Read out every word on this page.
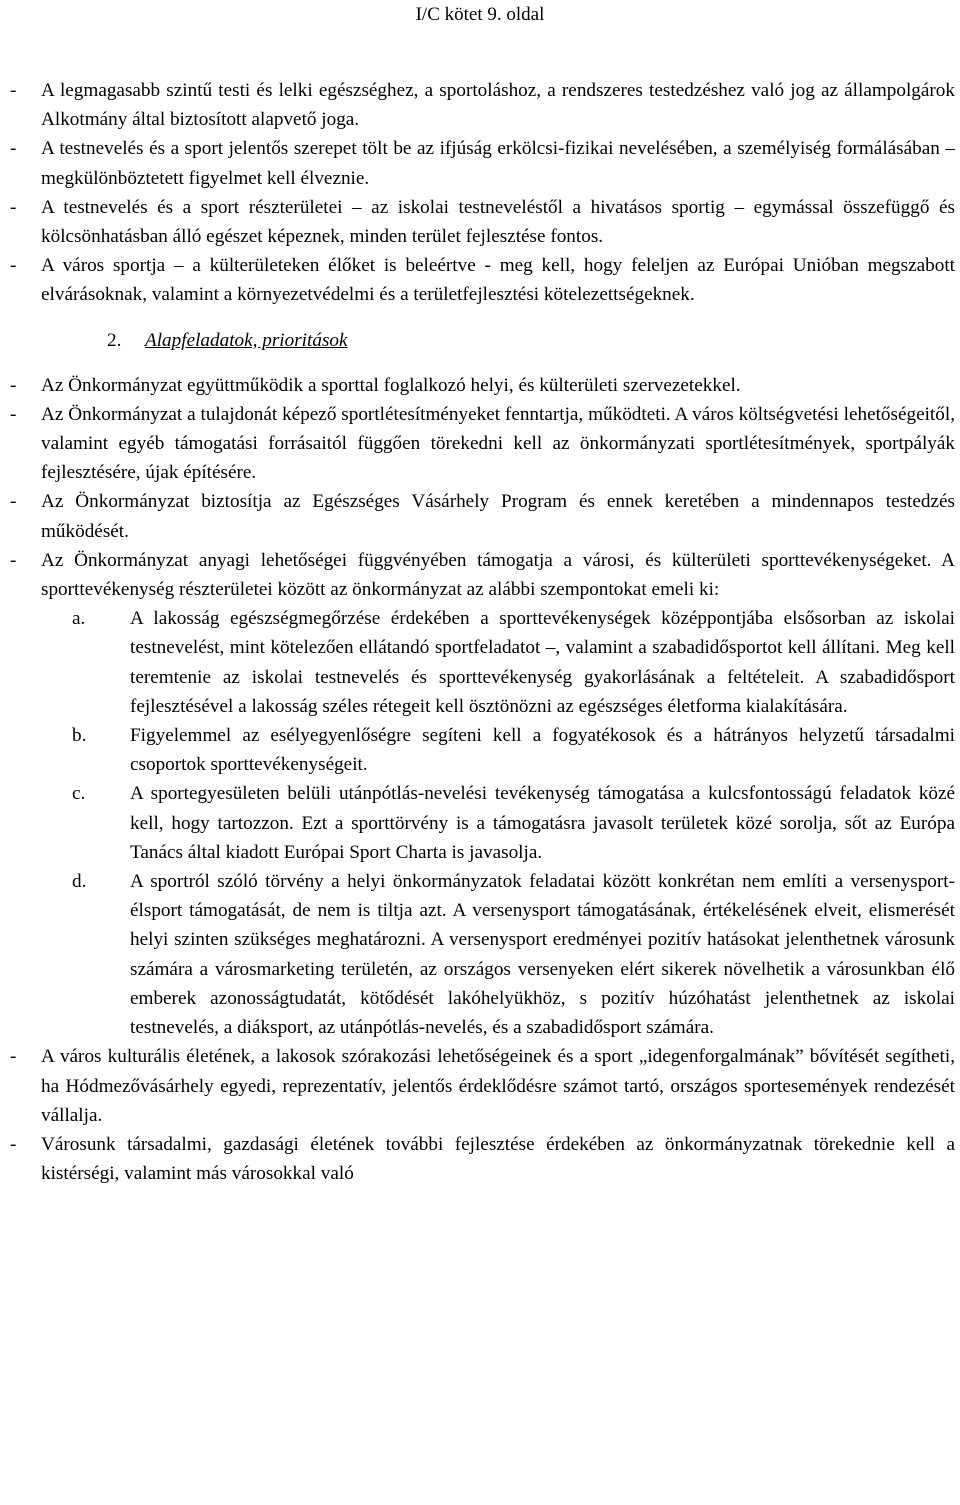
I/C kötet 9. oldal
- A legmagasabb szintű testi és lelki egészséghez, a sportoláshoz, a rendszeres testedzéshez való jog az állampolgárok Alkotmány által biztosított alapvető joga.
- A testnevelés és a sport jelentős szerepet tölt be az ifjúság erkölcsi-fizikai nevelésében, a személyiség formálásában – megkülönböztetett figyelmet kell élveznie.
- A testnevelés és a sport részterületei – az iskolai testneveléstől a hivatásos sportig – egymással összefüggő és kölcsönhatásban álló egészet képeznek, minden terület fejlesztése fontos.
- A város sportja – a külterületeken élőket is beleértve - meg kell, hogy feleljen az Európai Unióban megszabott elvárásoknak, valamint a környezetvédelmi és a területfejlesztési kötelezettségeknek.
2. Alapfeladatok, prioritások
- Az Önkormányzat együttműködik a sporttal foglalkozó helyi, és külterületi szervezetekkel.
- Az Önkormányzat a tulajdonát képező sportlétesítményeket fenntartja, működteti. A város költségvetési lehetőségeitől, valamint egyéb támogatási forrásaitól függően törekedni kell az önkormányzati sportlétesítmények, sportpályák fejlesztésére, újak építésére.
- Az Önkormányzat biztosítja az Egészséges Vásárhely Program és ennek keretében a mindennapos testedzés működését.
- Az Önkormányzat anyagi lehetőségei függvényében támogatja a városi, és külterületi sporttevékenységeket. A sporttevékenység részterületei között az önkormányzat az alábbi szempontokat emeli ki:
a. A lakosság egészségmegőrzése érdekében a sporttevékenységek középpontjába elsősorban az iskolai testnevelést, mint kötelezően ellátandó sportfeladatot –, valamint a szabadidősportot kell állítani. Meg kell teremtenie az iskolai testnevelés és sporttevékenység gyakorlásának a feltételeit. A szabadidősport fejlesztésével a lakosság széles rétegeit kell ösztönözni az egészséges életforma kialakítására.
b. Figyelemmel az esélyegyenlőségre segíteni kell a fogyatékosok és a hátrányos helyzetű társadalmi csoportok sporttevékenységeit.
c. A sportegyesületen belüli utánpótlás-nevelési tevékenység támogatása a kulcsfontosságú feladatok közé kell, hogy tartozzon. Ezt a sporttörvény is a támogatásra javasolt területek közé sorolja, sőt az Európa Tanács által kiadott Európai Sport Charta is javasolja.
d. A sportról szóló törvény a helyi önkormányzatok feladatai között konkrétan nem említi a versenysport-élsport támogatását, de nem is tiltja azt. A versenysport támogatásának, értékelésének elveit, elismerését helyi szinten szükséges meghatározni. A versenysport eredményei pozitív hatásokat jelenthetnek városunk számára a városmarketing területén, az országos versenyeken elért sikerek növelhetik a városunkban élő emberek azonosságtudatát, kötődését lakóhelyükhöz, s pozitív húzóhatást jelenthetnek az iskolai testnevelés, a diáksport, az utánpótlás-nevelés, és a szabadidősport számára.
- A város kulturális életének, a lakosok szórakozási lehetőségeinek és a sport „idegenforgalmának” bővítését segítheti, ha Hódmezővásárhely egyedi, reprezentatív, jelentős érdeklődésre számot tartó, országos sportesemények rendezését vállalja.
- Városunk társadalmi, gazdasági életének további fejlesztése érdekében az önkormányzatnak törekednie kell a kistérségi, valamint más városokkal való
